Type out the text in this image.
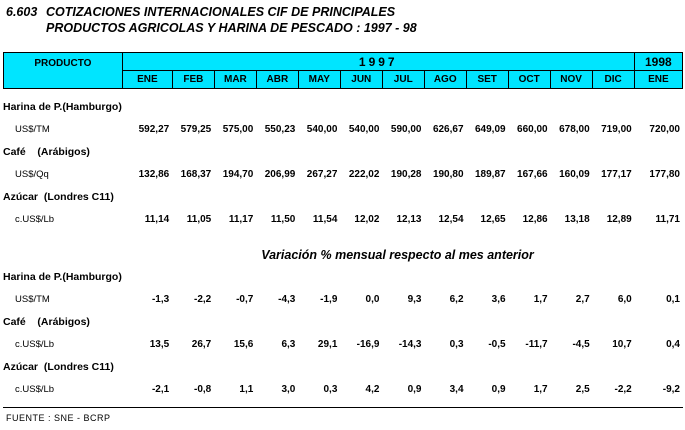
6.603 COTIZACIONES INTERNACIONALES CIF DE PRINCIPALES
PRODUCTOS AGRICOLAS Y HARINA DE PESCADO : 1997 - 98
PRODUCTO	1997												1998
	ENE	FEB	MAR	ABR	MAY	JUN	JUL	AGO	SET	OCT	NOV	DIC	ENE
Harina de P.(Hamburgo)													
US$/TM	592,27	579,25	575,00	550,23	540,00	540,00	590,00	626,67	649,09	660,00	678,00	719,00	720,00
Café    (Arábigos)													
US$/Qq	132,86	168,37	194,70	206,99	267,27	222,02	190,28	190,80	189,87	167,66	160,09	177,17	177,80
Azúcar  (Londres C11)													
c.US$/Lb	11,14	11,05	11,17	11,50	11,54	12,02	12,13	12,54	12,65	12,86	13,18	12,89	11,71
Variación % mensual respecto al mes anterior
Harina de P.(Hamburgo)													
US$/TM	-1,3	-2,2	-0,7	-4,3	-1,9	0,0	9,3	6,2	3,6	1,7	2,7	6,0	0,1
Café    (Arábigos)													
c.US$/Lb	13,5	26,7	15,6	6,3	29,1	-16,9	-14,3	0,3	-0,5	-11,7	-4,5	10,7	0,4
Azúcar  (Londres C11)													
c.US$/Lb	-2,1	-0,8	1,1	3,0	0,3	4,2	0,9	3,4	0,9	1,7	2,5	-2,2	-9,2
FUENTE : SNE - BCRP
